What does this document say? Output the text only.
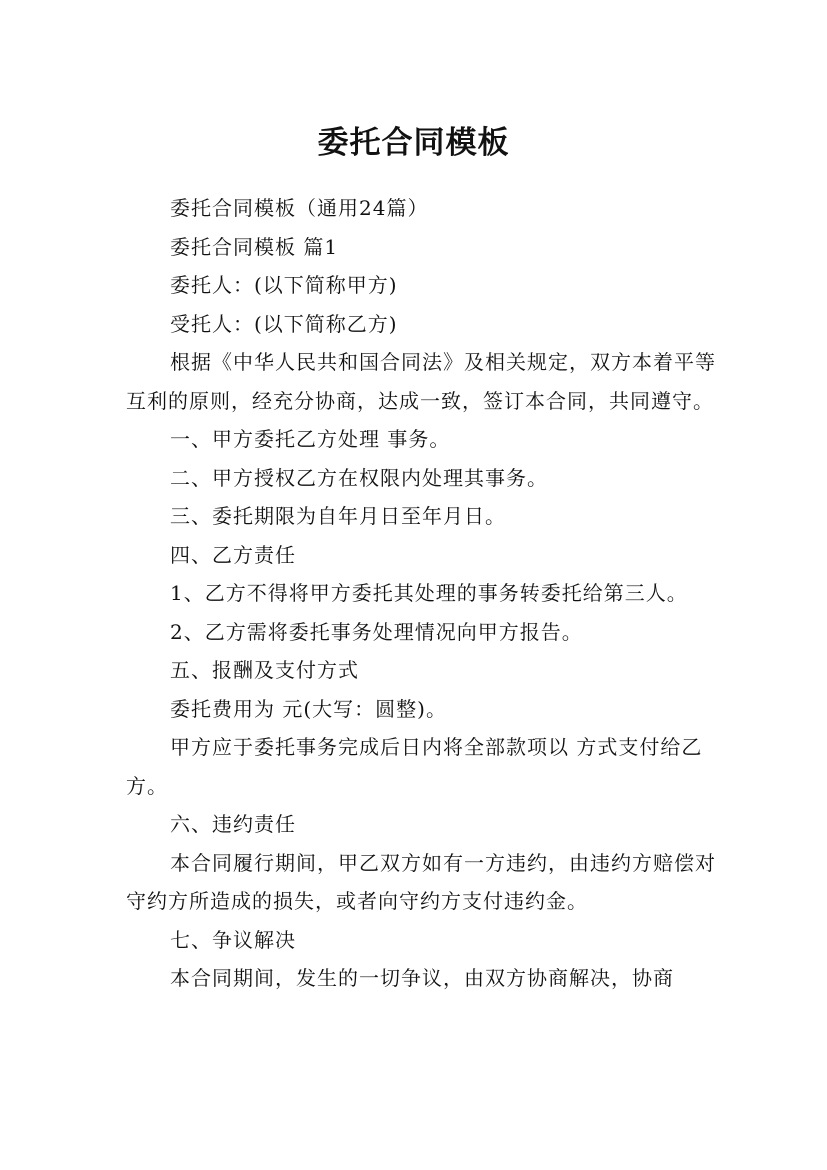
委托合同模板

委托合同模板（通用24篇）

委托合同模板 篇1

委托人：(以下简称甲方)

受托人：(以下简称乙方)

根据《中华人民共和国合同法》及相关规定，双方本着平等互利的原则，经充分协商，达成一致，签订本合同，共同遵守。

一、甲方委托乙方处理 事务。

二、甲方授权乙方在权限内处理其事务。

三、委托期限为自年月日至年月日。

四、乙方责任

1、乙方不得将甲方委托其处理的事务转委托给第三人。

2、乙方需将委托事务处理情况向甲方报告。

五、报酬及支付方式

委托费用为 元(大写：圆整)。

甲方应于委托事务完成后日内将全部款项以 方式支付给乙方。

六、违约责任

本合同履行期间，甲乙双方如有一方违约，由违约方赔偿对守约方所造成的损失，或者向守约方支付违约金。

七、争议解决

本合同期间，发生的一切争议，由双方协商解决，协商
